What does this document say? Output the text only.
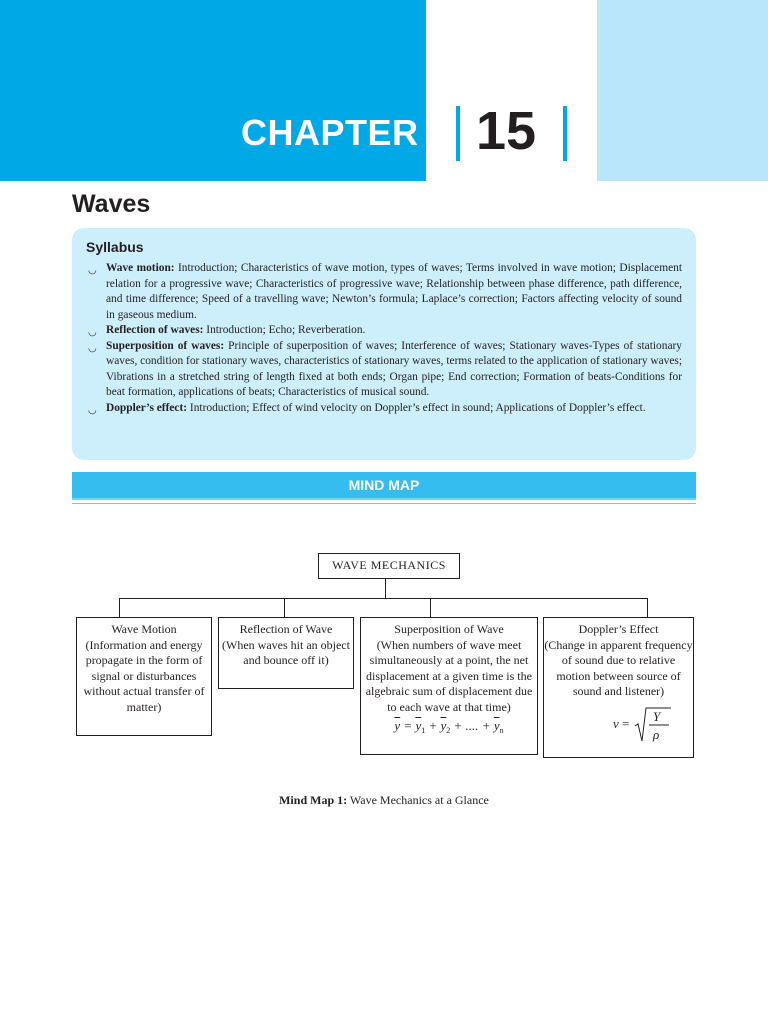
CHAPTER 15
Waves
Syllabus
◡ Wave motion: Introduction; Characteristics of wave motion, types of waves; Terms involved in wave motion; Displacement relation for a progressive wave; Characteristics of progressive wave; Relationship between phase difference, path difference, and time difference; Speed of a travelling wave; Newton’s formula; Laplace’s correction; Factors affecting velocity of sound in gaseous medium.
◡ Reflection of waves: Introduction; Echo; Reverberation.
◡ Superposition of waves: Principle of superposition of waves; Interference of waves; Stationary waves-Types of stationary waves, condition for stationary waves, characteristics of stationary waves, terms related to the application of stationary waves; Vibrations in a stretched string of length fixed at both ends; Organ pipe; End correction; Formation of beats-Conditions for beat formation, applications of beats; Characteristics of musical sound.
◡ Doppler’s effect: Introduction; Effect of wind velocity on Doppler’s effect in sound; Applications of Doppler’s effect.
MIND MAP
WAVE MECHANICS
Wave Motion
(Information and energy propagate in the form of signal or disturbances without actual transfer of matter)
Reflection of Wave
(When waves hit an object and bounce off it)
Superposition of Wave
(When numbers of wave meet simultaneously at a point, the net displacement at a given time is the algebraic sum of displacement due to each wave at that time)
$\overline{y} = \overline{y}_1 + \overline{y}_2$ + .... + $\overline{y}_n$
Doppler’s Effect
(Change in apparent frequency of sound due to relative motion between source of sound and listener)
v = Y
ρ
Mind Map 1: Wave Mechanics at a Glance
